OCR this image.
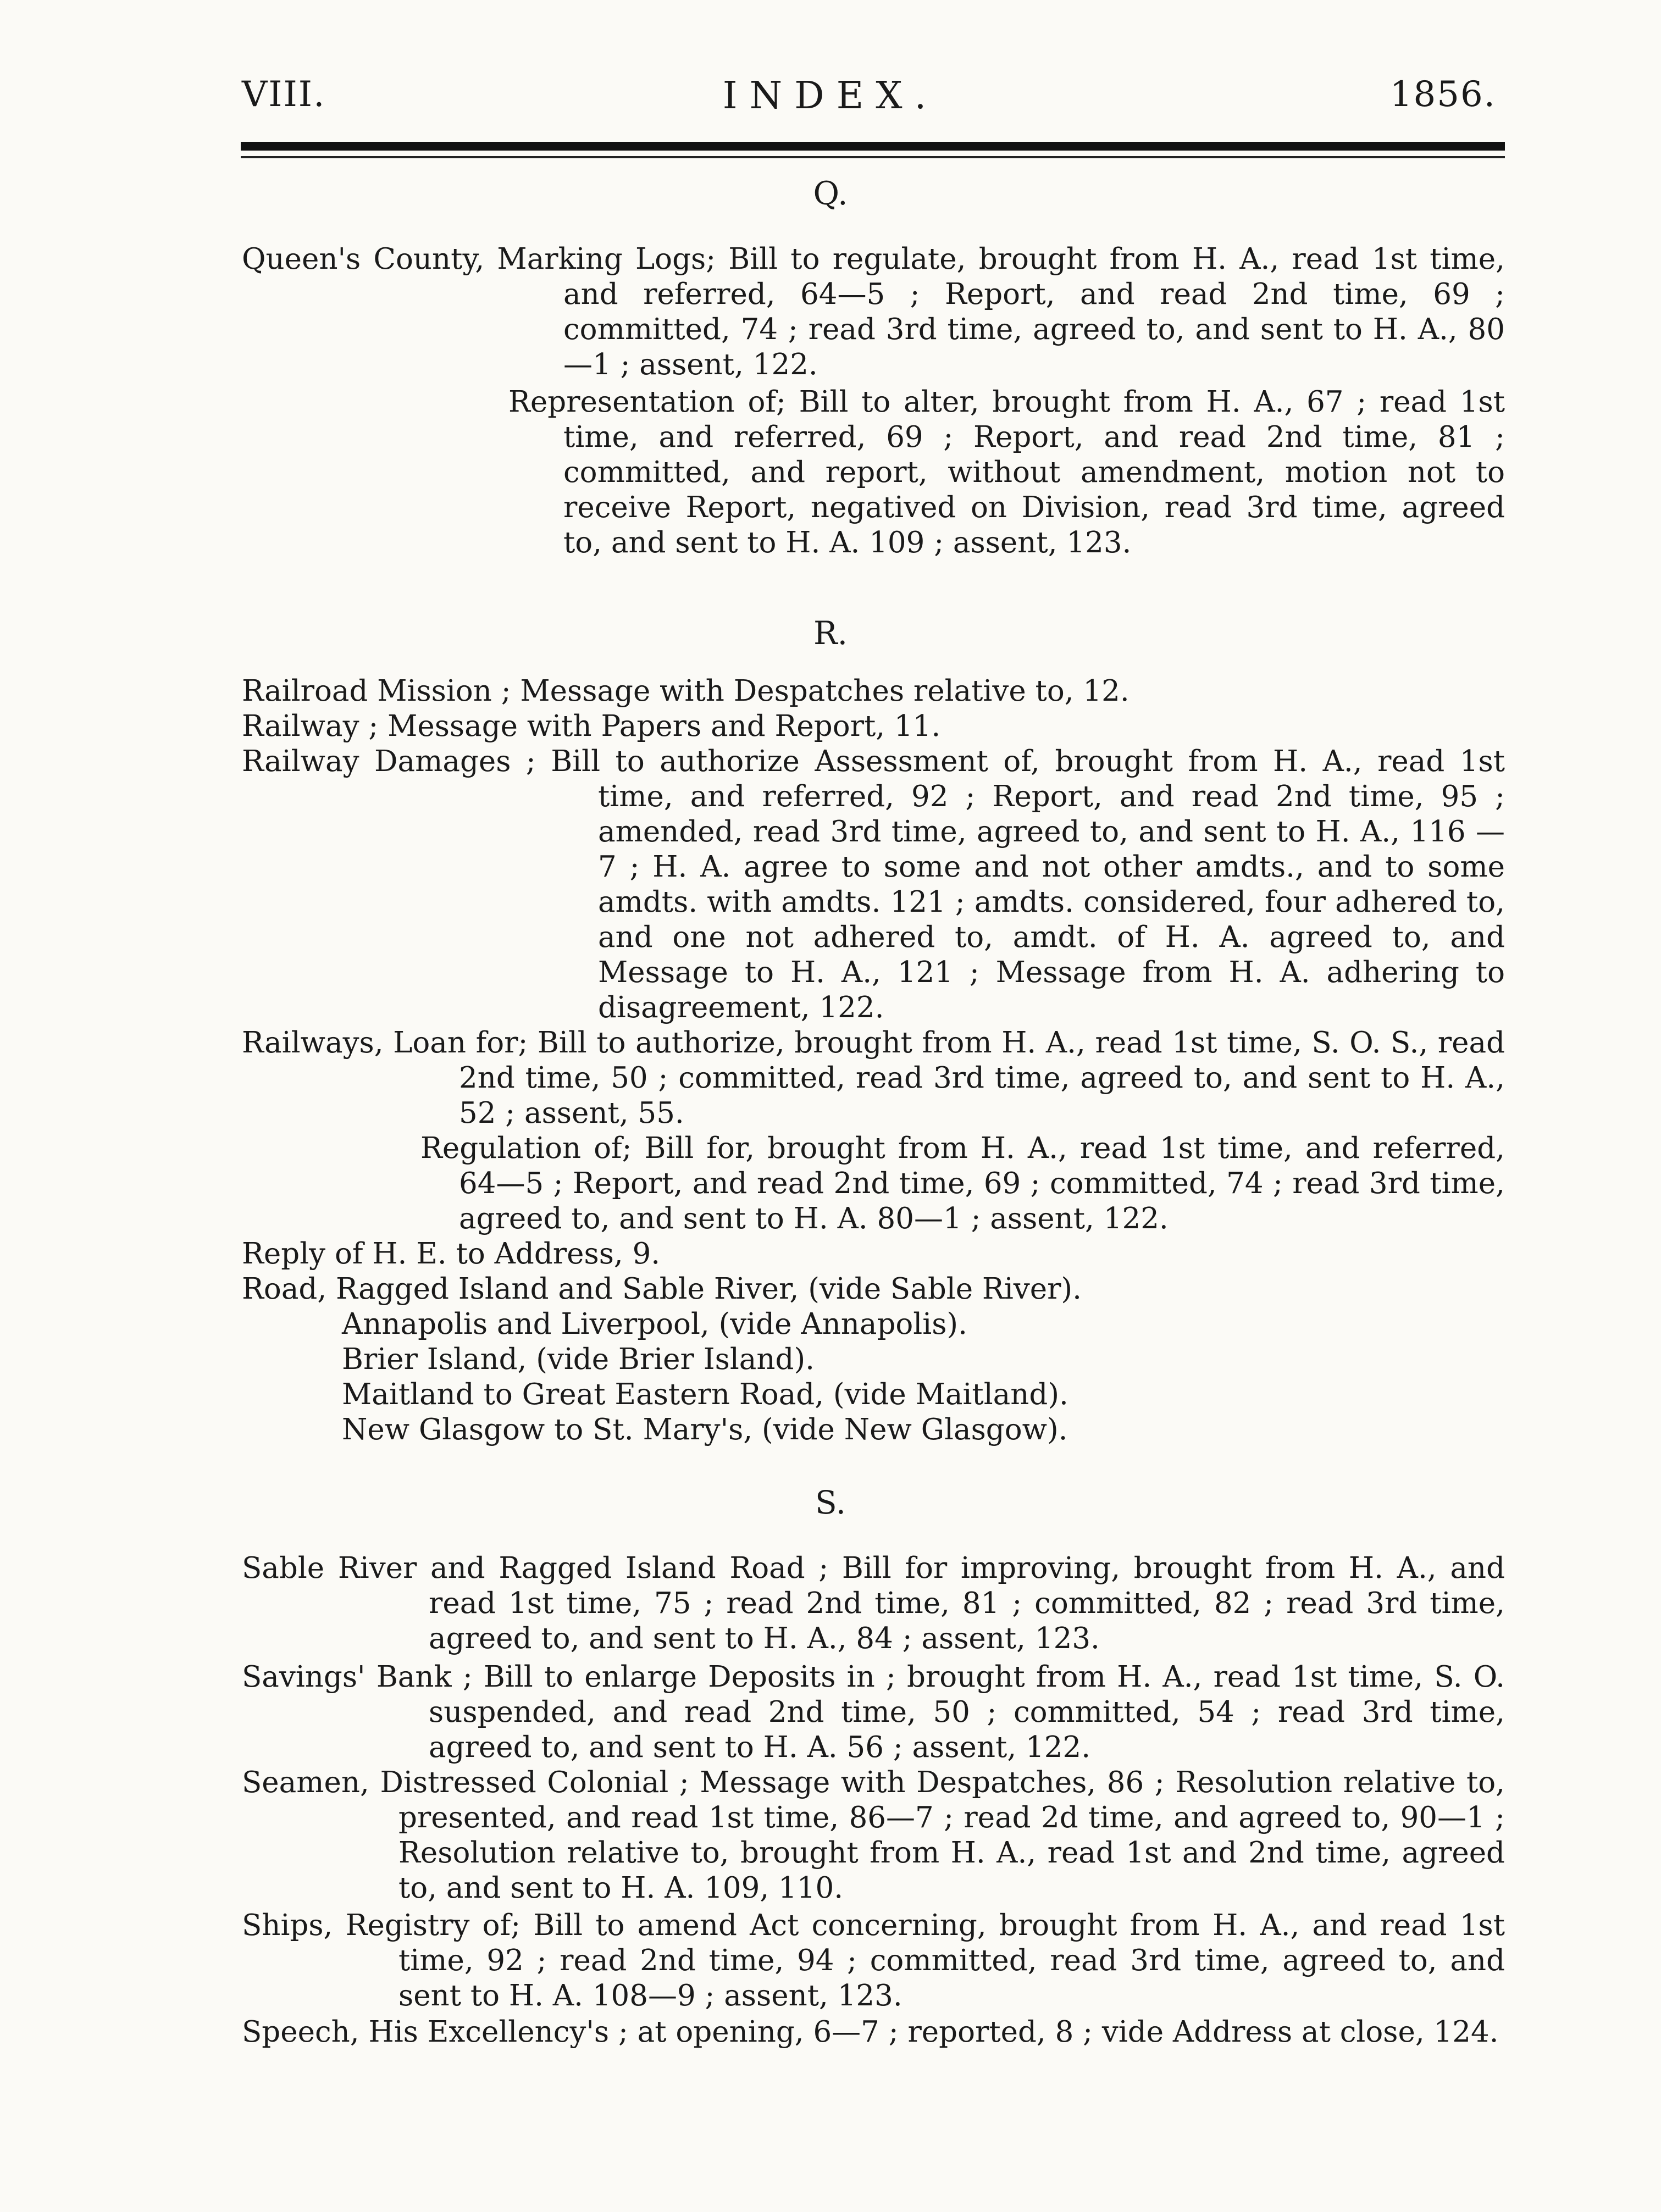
VIII.	INDEX.	1856.
Q.

Queen's County, Marking Logs; Bill to regulate, brought from H. A., read 1st time, and referred, 64—5 ; Report, and read 2nd time, 69 ; committed, 74 ; read 3rd time, agreed to, and sent to H. A., 80—1 ; assent, 122.

Representation of; Bill to alter, brought from H. A., 67 ; read 1st time, and referred, 69 ; Report, and read 2nd time, 81 ; committed, and report, without amendment, motion not to receive Report, negatived on Division, read 3rd time, agreed to, and sent to H. A. 109 ; assent, 123.

R.

Railroad Mission ; Message with Despatches relative to, 12.

Railway ; Message with Papers and Report, 11.

Railway Damages ; Bill to authorize Assessment of, brought from H. A., read 1st time, and referred, 92 ; Report, and read 2nd time, 95 ; amended, read 3rd time, agreed to, and sent to H. A., 116 —7 ; H. A. agree to some and not other amdts., and to some amdts. with amdts. 121 ; amdts. considered, four adhered to, and one not adhered to, amdt. of H. A. agreed to, and Message to H. A., 121 ; Message from H. A. adhering to disagreement, 122.

Railways, Loan for; Bill to authorize, brought from H. A., read 1st time, S. O. S., read 2nd time, 50 ; committed, read 3rd time, agreed to, and sent to H. A., 52 ; assent, 55.

Regulation of; Bill for, brought from H. A., read 1st time, and referred, 64—5 ; Report, and read 2nd time, 69 ; committed, 74 ; read 3rd time, agreed to, and sent to H. A. 80—1 ; assent, 122.

Reply of H. E. to Address, 9.

Road, Ragged Island and Sable River, (vide Sable River).

Annapolis and Liverpool, (vide Annapolis).

Brier Island, (vide Brier Island).

Maitland to Great Eastern Road, (vide Maitland).

New Glasgow to St. Mary's, (vide New Glasgow).

S.

Sable River and Ragged Island Road ; Bill for improving, brought from H. A., and read 1st time, 75 ; read 2nd time, 81 ; committed, 82 ; read 3rd time, agreed to, and sent to H. A., 84 ; assent, 123.

Savings' Bank ; Bill to enlarge Deposits in ; brought from H. A., read 1st time, S. O. suspended, and read 2nd time, 50 ; committed, 54 ; read 3rd time, agreed to, and sent to H. A. 56 ; assent, 122.

Seamen, Distressed Colonial ; Message with Despatches, 86 ; Resolution relative to, presented, and read 1st time, 86—7 ; read 2d time, and agreed to, 90—1 ; Resolution relative to, brought from H. A., read 1st and 2nd time, agreed to, and sent to H. A. 109, 110.

Ships, Registry of; Bill to amend Act concerning, brought from H. A., and read 1st time, 92 ; read 2nd time, 94 ; committed, read 3rd time, agreed to, and sent to H. A. 108—9 ; assent, 123.

Speech, His Excellency's ; at opening, 6—7 ; reported, 8 ; vide Address at close, 124.
